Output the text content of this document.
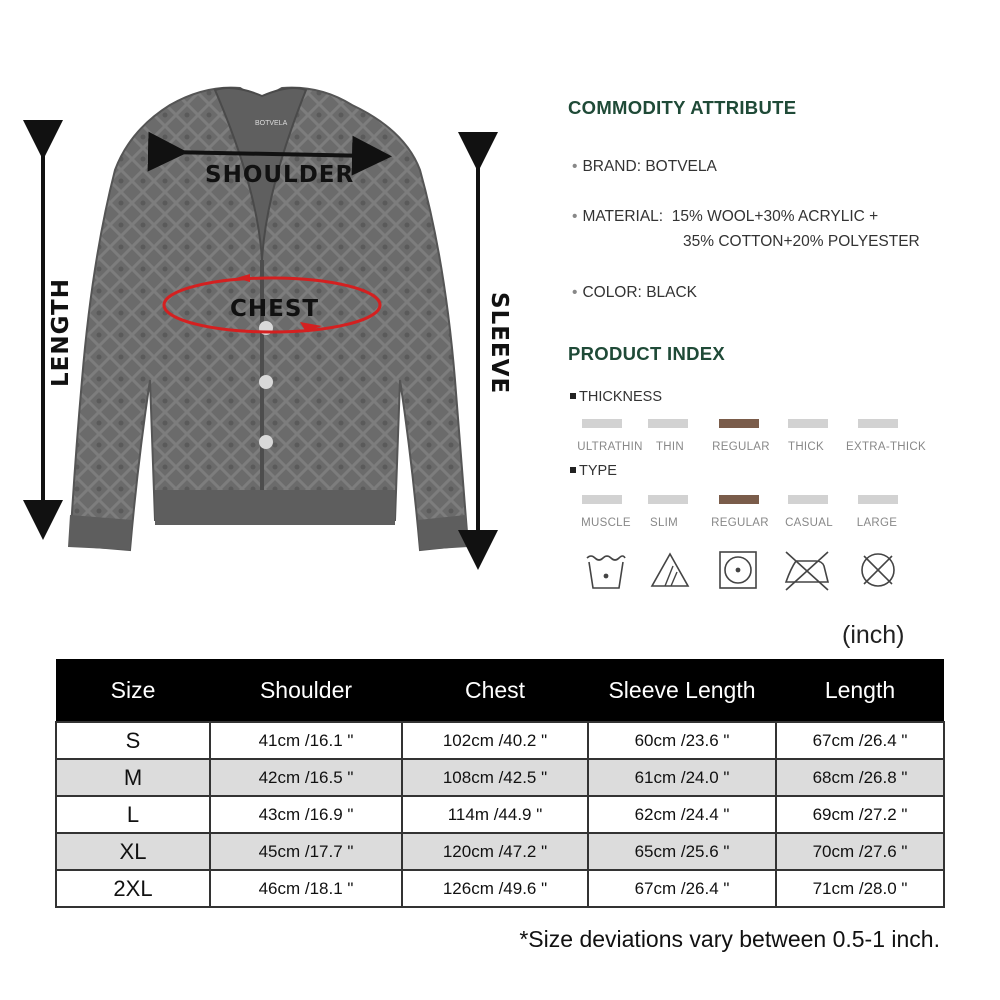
SHOULDER
CHEST
LENGTH	SLEEVE
BOTVELA
COMMODITY ATTRIBUTE
• BRAND: BOTVELA
• MATERIAL: 15% WOOL+30% ACRYLIC +
35% COTTON+20% POLYESTER
• COLOR: BLACK
PRODUCT INDEX
THICKNESS
ULTRATHIN	THIN	REGULAR	THICK	EXTRA-THICK
TYPE
MUSCLE	SLIM	REGULAR	CASUAL	LARGE
(inch)
Size	Shoulder	Chest	Sleeve Length	Length
S	41cm /16.1 "	102cm /40.2 "	60cm /23.6 "	67cm /26.4 "
M	42cm /16.5 "	108cm /42.5 "	61cm /24.0 "	68cm /26.8 "
L	43cm /16.9 "	114m /44.9 "	62cm /24.4 "	69cm /27.2 "
XL	45cm /17.7 "	120cm /47.2 "	65cm /25.6 "	70cm /27.6 "
2XL	46cm /18.1 "	126cm /49.6 "	67cm /26.4 "	71cm /28.0 "
*Size deviations vary between 0.5-1 inch.
